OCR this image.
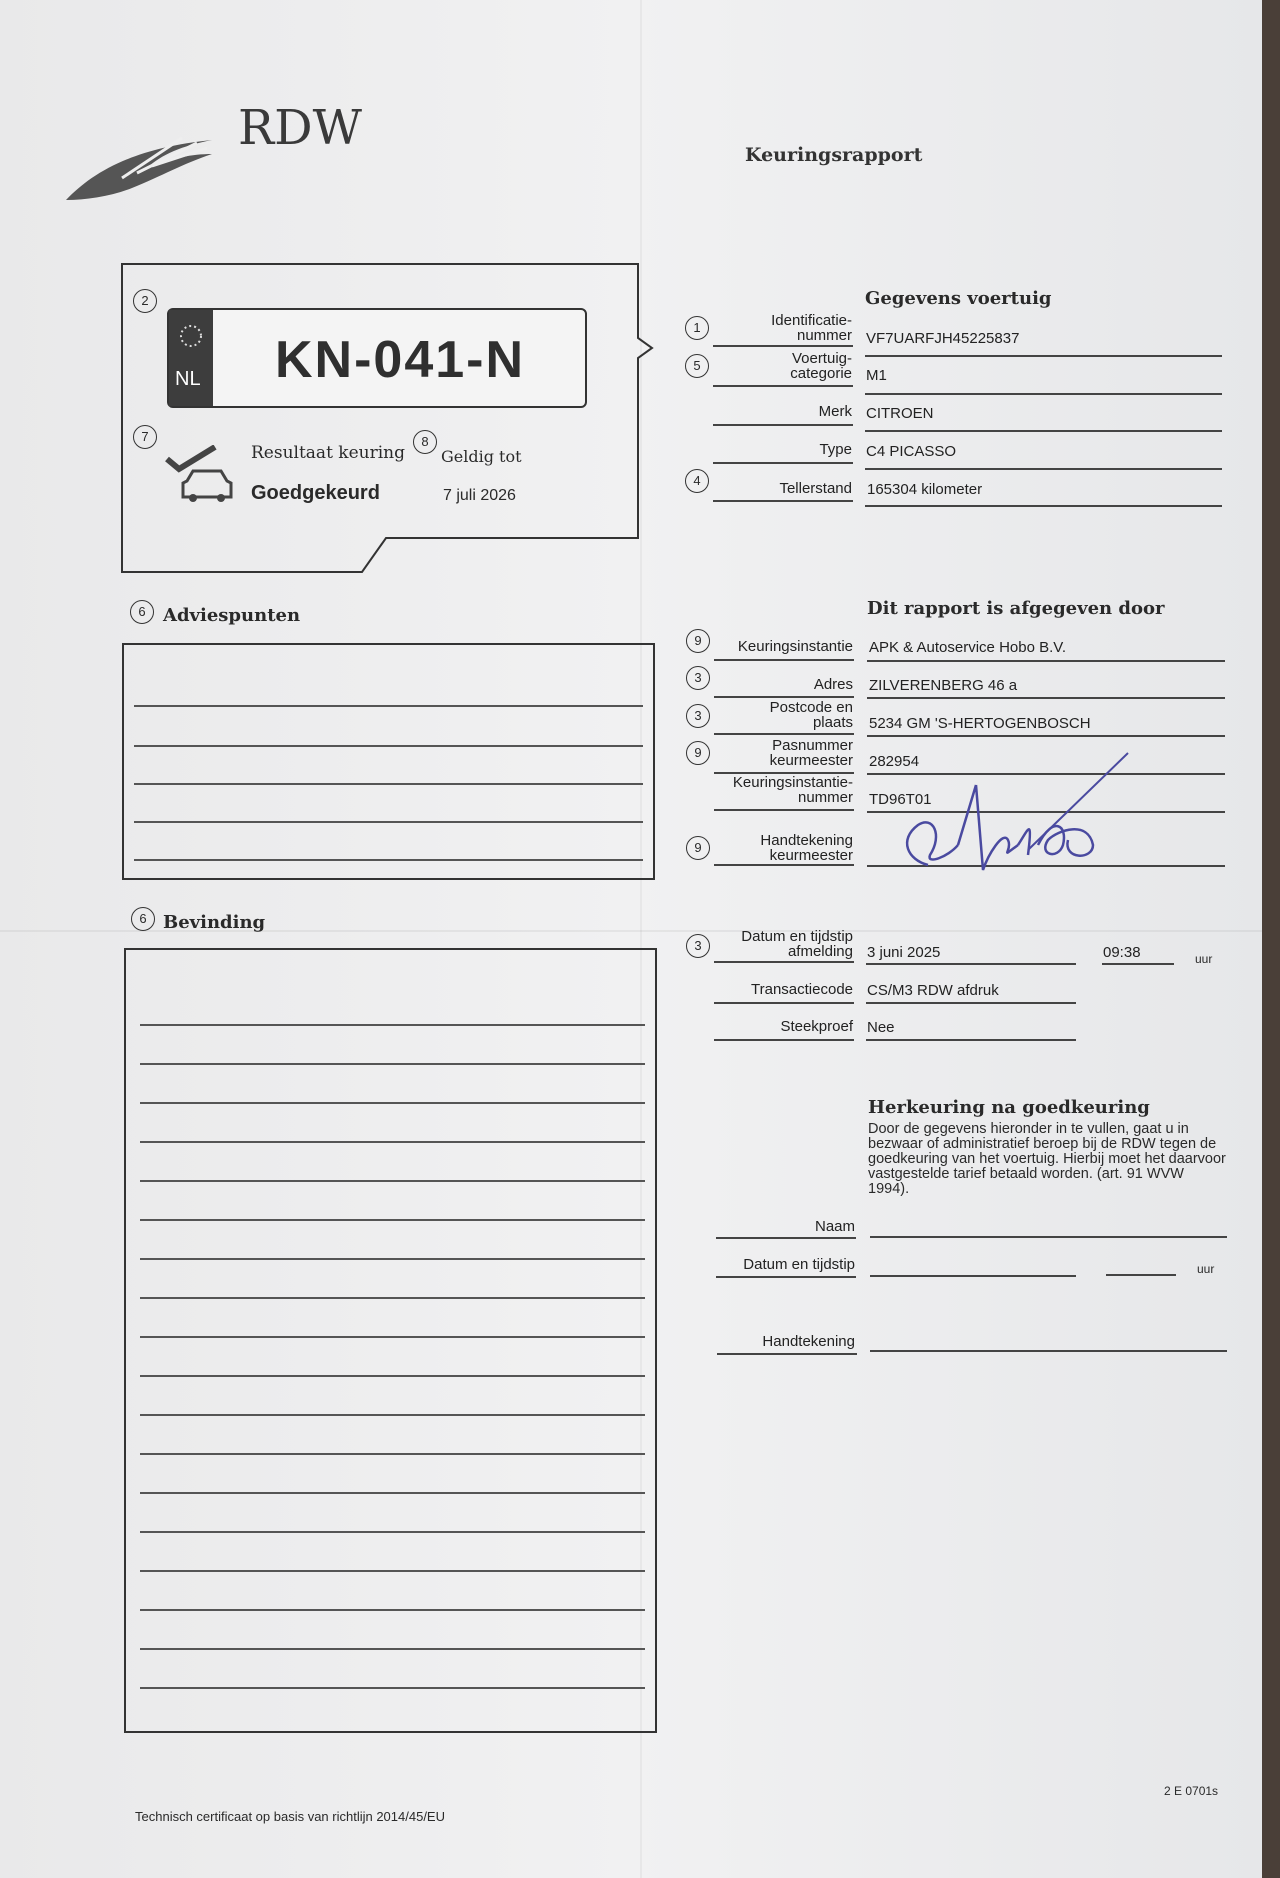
RDW	Keuringsrapport
2
NL KN-041-N
7
Resultaat keuring
Goedgekeurd
8
Geldig tot
7 juli 2026
6 Adviespunten
6 Bevinding
Gegevens voertuig
1	Identificatie-
nummer VF7UARFJH45225837
5	Voertuig-
categorie M1
Merk CITROEN
Type C4 PICASSO
4	Tellerstand 165304 kilometer
Dit rapport is afgegeven door
9	Keuringsinstantie APK & Autoservice Hobo B.V.
3	Adres ZILVERENBERG 46 a
3	Postcode en
plaats 5234 GM 'S-HERTOGENBOSCH
9	Pasnummer
keurmeester 282954
Keuringsinstantie-
nummer TD96T01
9	Handtekening
keurmeester
3
Datum en tijdstip
afmelding 3 juni 2025	09:38	uur
Transactiecode CS/M3 RDW afdruk
Steekproef Nee
Herkeuring na goedkeuring
Door de gegevens hieronder in te vullen, gaat u in bezwaar of administratief beroep bij de RDW tegen de goedkeuring van het voertuig. Hierbij moet het daarvoor vastgestelde tarief betaald worden. (art. 91 WVW 1994).
Naam
Datum en tijdstip	uur
Handtekening
Technisch certificaat op basis van richtlijn 2014/45/EU
2 E 0701s
